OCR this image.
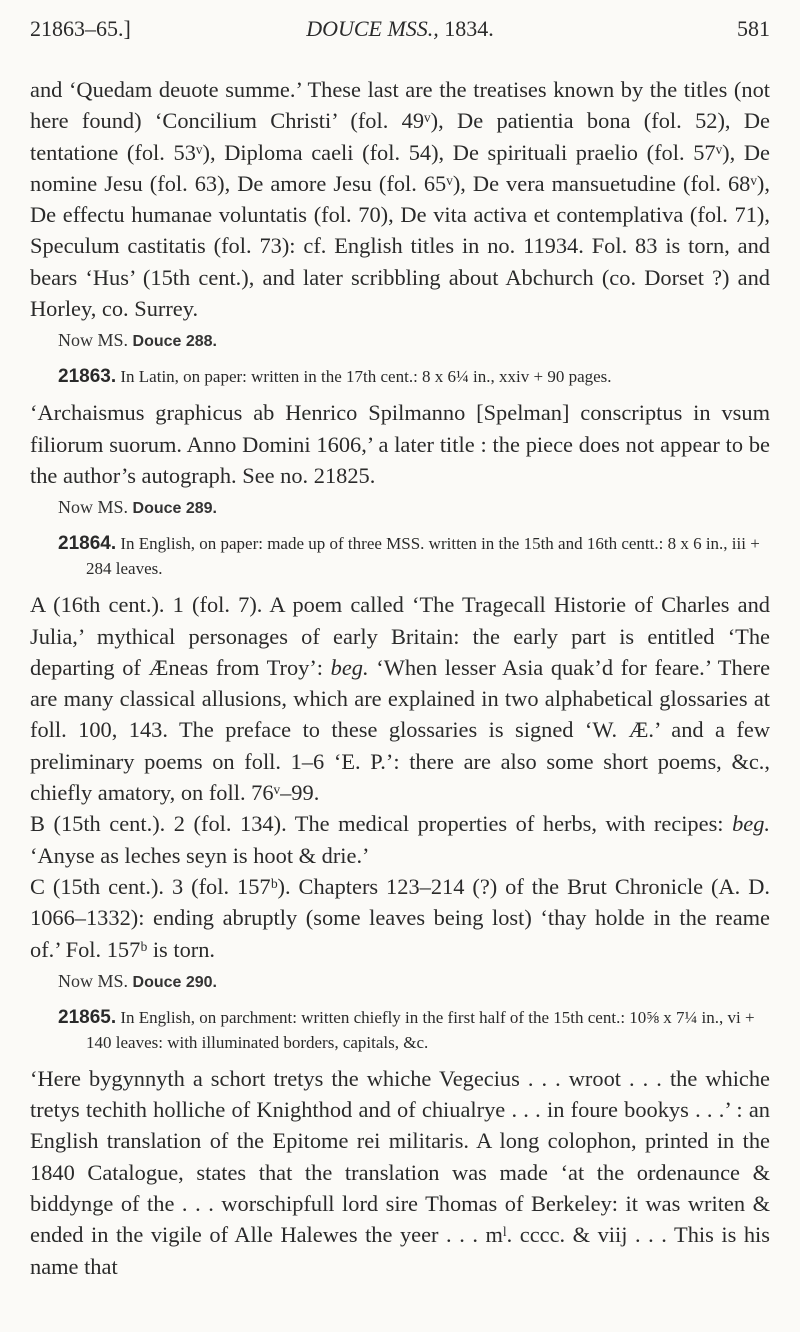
21863–65.]	DOUCE MSS., 1834.	581

and ‘Quedam deuote summe.’ These last are the treatises known by the titles (not here found) ‘Concilium Christi’ (fol. 49ᵛ), De patientia bona (fol. 52), De tentatione (fol. 53ᵛ), Diploma caeli (fol. 54), De spirituali praelio (fol. 57ᵛ), De nomine Jesu (fol. 63), De amore Jesu (fol. 65ᵛ), De vera mansuetudine (fol. 68ᵛ), De effectu humanae voluntatis (fol. 70), De vita activa et contemplativa (fol. 71), Speculum castitatis (fol. 73): cf. English titles in no. 11934. Fol. 83 is torn, and bears ‘Hus’ (15th cent.), and later scribbling about Abchurch (co. Dorset ?) and Horley, co. Surrey.

Now MS. Douce 288.

21863. In Latin, on paper: written in the 17th cent.: 8 x 6¼ in., xxiv + 90 pages.

‘Archaismus graphicus ab Henrico Spilmanno [Spelman] conscriptus in vsum filiorum suorum. Anno Domini 1606,’ a later title : the piece does not appear to be the author’s autograph. See no. 21825.

Now MS. Douce 289.

21864. In English, on paper: made up of three MSS. written in the 15th and 16th centt.: 8 x 6 in., iii + 284 leaves.

A (16th cent.). 1 (fol. 7). A poem called ‘The Tragecall Historie of Charles and Julia,’ mythical personages of early Britain: the early part is entitled ‘The departing of Æneas from Troy’: beg. ‘When lesser Asia quak’d for feare.’ There are many classical allusions, which are explained in two alphabetical glossaries at foll. 100, 143. The preface to these glossaries is signed ‘W. Æ.’ and a few preliminary poems on foll. 1–6 ‘E. P.’: there are also some short poems, &c., chiefly amatory, on foll. 76ᵛ–99.

B (15th cent.). 2 (fol. 134). The medical properties of herbs, with recipes: beg. ‘Anyse as leches seyn is hoot & drie.’

C (15th cent.). 3 (fol. 157ᵇ). Chapters 123–214 (?) of the Brut Chronicle (A. D. 1066–1332): ending abruptly (some leaves being lost) ‘thay holde in the reame of.’ Fol. 157ᵇ is torn.

Now MS. Douce 290.

21865. In English, on parchment: written chiefly in the first half of the 15th cent.: 10⅝ x 7¼ in., vi + 140 leaves: with illuminated borders, capitals, &c.

‘Here bygynnyth a schort tretys the whiche Vegecius . . . wroot . . . the whiche tretys techith holliche of Knighthod and of chiualrye . . . in foure bookys . . .’ : an English translation of the Epitome rei militaris. A long colophon, printed in the 1840 Catalogue, states that the translation was made ‘at the ordenaunce & biddynge of the . . . worschipfull lord sire Thomas of Berkeley: it was writen & ended in the vigile of Alle Halewes the yeer . . . mˡ. cccc. & viij . . . This is his name that
